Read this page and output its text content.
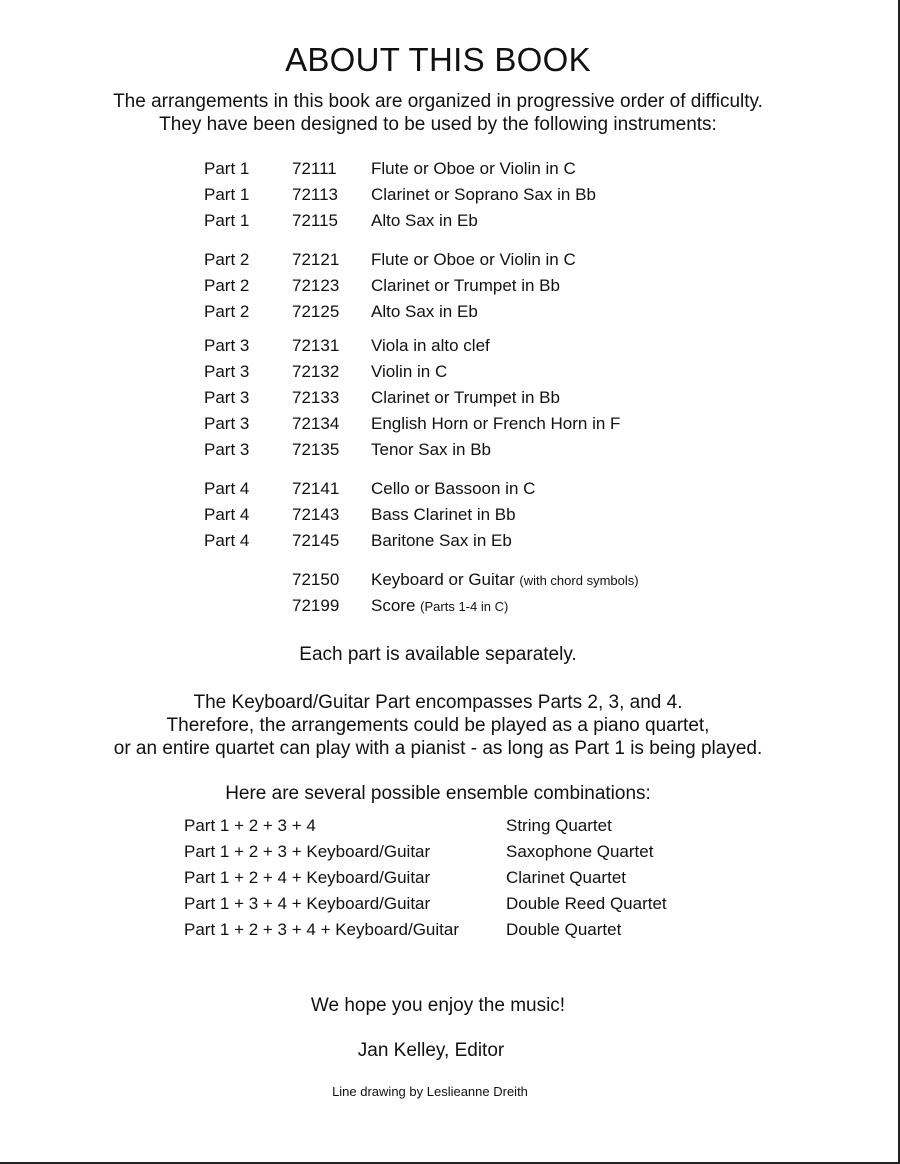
ABOUT THIS BOOK
The arrangements in this book are organized in progressive order of difficulty.
They have been designed to be used by the following instruments:
Part 1	72111 Flute or Oboe or Violin in C
Part 1	72113 Clarinet or Soprano Sax in Bb
Part 1	72115 Alto Sax in Eb
Part 2	72121 Flute or Oboe or Violin in C
Part 2	72123 Clarinet or Trumpet in Bb
Part 2	72125 Alto Sax in Eb
Part 3	72131 Viola in alto clef
Part 3	72132 Violin in C
Part 3	72133 Clarinet or Trumpet in Bb
Part 3	72134 English Horn or French Horn in F
Part 3	72135 Tenor Sax in Bb
Part 4	72141 Cello or Bassoon in C
Part 4	72143 Bass Clarinet in Bb
Part 4	72145 Baritone Sax in Eb
72150 Keyboard or Guitar (with chord symbols)
72199 Score (Parts 1-4 in C)
Each part is available separately.
The Keyboard/Guitar Part encompasses Parts 2, 3, and 4.
Therefore, the arrangements could be played as a piano quartet,
or an entire quartet can play with a pianist - as long as Part 1 is being played.
Here are several possible ensemble combinations:
Part 1 + 2 + 3 + 4	String Quartet
Part 1 + 2 + 3 + Keyboard/Guitar	Saxophone Quartet
Part 1 + 2 + 4 + Keyboard/Guitar	Clarinet Quartet
Part 1 + 3 + 4 + Keyboard/Guitar	Double Reed Quartet
Part 1 + 2 + 3 + 4 + Keyboard/Guitar	Double Quartet
We hope you enjoy the music!
Jan Kelley, Editor
Line drawing by Leslieanne Dreith
